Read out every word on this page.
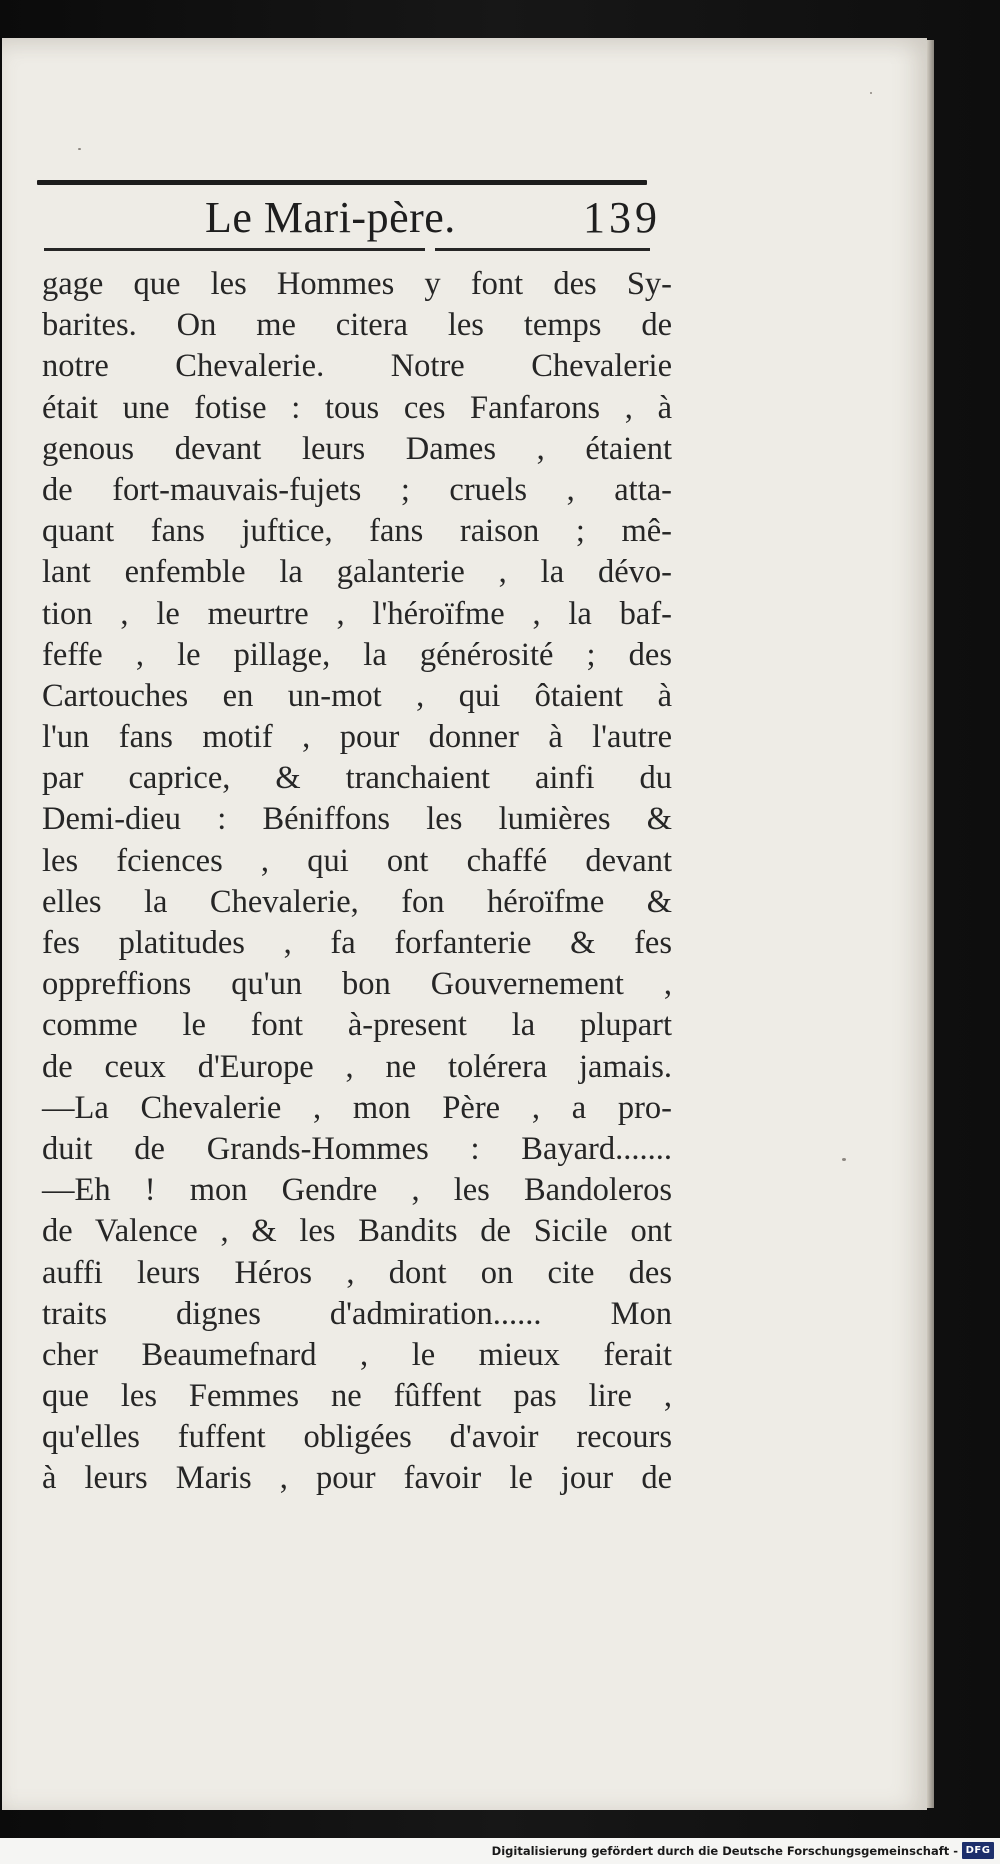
Le Mari-père.	139
gage que les Hommes y font des Sy-
barites. On me citera les temps de
notre Chevalerie. Notre Chevalerie
était une fotise : tous ces Fanfarons , à
genous devant leurs Dames , étaient
de fort-mauvais-fujets ; cruels , atta-
quant fans juftice, fans raison ; mê-
lant enfemble la galanterie , la dévo-
tion , le meurtre , l'héroïfme , la baf-
feffe , le pillage, la générosité ; des
Cartouches en un-mot , qui ôtaient à
l'un fans motif , pour donner à l'autre
par caprice, & tranchaient ainfi du
Demi-dieu : Béniffons les lumières &
les fciences , qui ont chaffé devant
elles la Chevalerie, fon héroïfme &
fes platitudes , fa forfanterie & fes
oppreffions qu'un bon Gouvernement ,
comme le font à-present la plupart
de ceux d'Europe , ne tolérera jamais.
—La Chevalerie , mon Père , a pro-
duit de Grands-Hommes : Bayard.......
—Eh ! mon Gendre , les Bandoleros
de Valence , & les Bandits de Sicile ont
auffi leurs Héros , dont on cite des
traits dignes d'admiration...... Mon
cher Beaumefnard , le mieux ferait
que les Femmes ne fûffent pas lire ,
qu'elles fuffent obligées d'avoir recours
à leurs Maris , pour favoir le jour de
Digitalisierung gefördert durch die Deutsche Forschungsgemeinschaft - DFG
